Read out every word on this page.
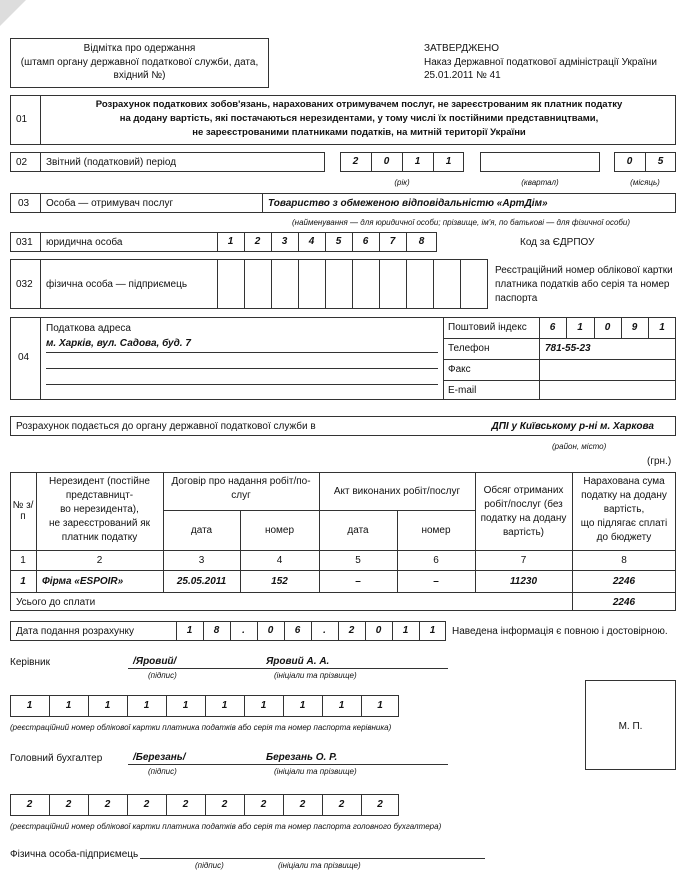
Відмітка про одержання
(штамп органу державної податкової служби, дата,
вхідний №)
ЗАТВЕРДЖЕНО
Наказ Державної податкової адміністрації України
25.01.2011 № 41
01
Розрахунок податкових зобов'язань, нарахованих отримувачем послуг, не зареєстрованим як платник податку
на додану вартість, які постачаються нерезидентами, у тому числі їх постійними представництвами,
не зареєстрованими платниками податків, на митній території України
02 Звітний (податковий) період	2	0	1	1
(рік)	(квартал)
0	5
(місяць)
03 Особа — отримувач послуг	Товариство з обмеженою відповідальністю «АртДім»
(найменування — для юридичної особи; прізвище, ім'я, по батькові — для фізичної особи)
031 юридична особа	1	2	3	4	5	6	7	8	Код за ЄДРПОУ
032 фізична особа — підприємець
Реєстраційний номер облікової картки
платника податків або серія та номер
паспорта
04
Податкова адреса
м. Харків, вул. Садова, буд. 7
Поштовий індекс	6	1	0	9	1
Телефон	781-55-23
Факс
E-mail
Розрахунок подається до органу державної податкової служби в	ДПІ у Київському р-ні м. Харкова
(район, місто)
(грн.)
№ з/п
Нерезидент (постійне
представницт-
во нерезидента),
не зареєстрований як
платник податку
Договір про надання робіт/по-
слуг	Акт виконаних робіт/послуг
дата	номер	дата	номер
Обсяг отриманих
робіт/послуг (без
податку на додану
вартість)
Нарахована сума
податку на додану
вартість,
що підлягає сплаті
до бюджету
1	2	3	4	5	6	7	8
1	Фірма «ESPOIR»	25.05.2011	152	–	–	11230	2246
Усього до сплати	2246
Дата подання розрахунку	1	8	.	0	6	.	2	0	1	1	Наведена інформація є повною і достовірною.
Керівник	/Яровий/	Яровий А. А.
(підпис)	(ініціали та прізвище)
1	1	1	1	1	1	1	1	1	1
(реєстраційний номер облікової картки платника податків або серія та номер паспорта керівника)	М. П.
Головний бухгалтер	/Березань/	Березань О. Р.
(підпис)	(ініціали та прізвище)
2	2	2	2	2	2	2	2	2	2
(реєстраційний номер облікової картки платника податків або серія та номер паспорта головного бухгалтера)
Фізична особа-підприємець
(підпис)	(ініціали та прізвище)
